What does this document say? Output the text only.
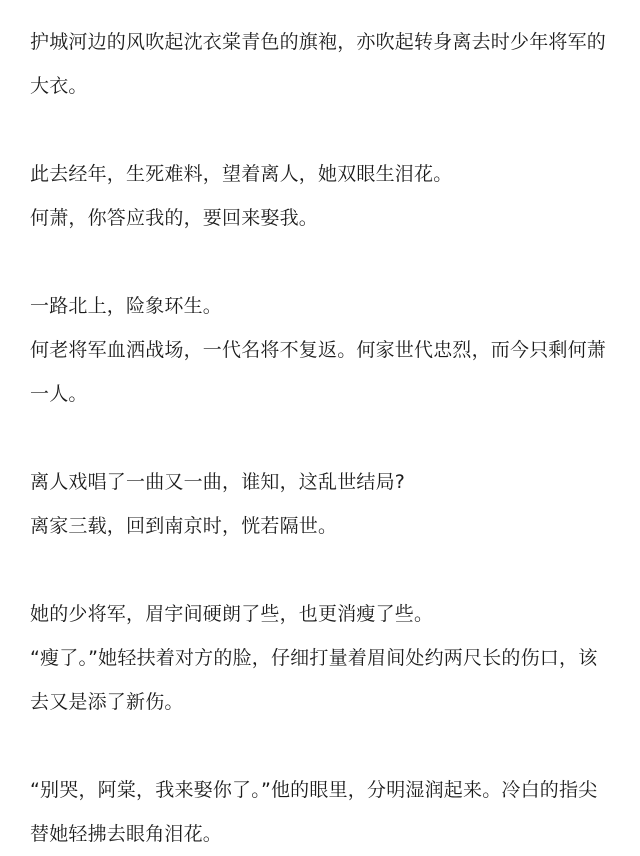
护城河边的风吹起沈衣棠青色的旗袍，亦吹起转身离去时少年将军的
大衣。
此去经年，生死难料，望着离人，她双眼生泪花。
何萧，你答应我的，要回来娶我。
一路北上，险象环生。
何老将军血洒战场，一代名将不复返。何家世代忠烈，而今只剩何萧
一人。
离人戏唱了一曲又一曲，谁知，这乱世结局?
离家三载，回到南京时，恍若隔世。
她的少将军，眉宇间硬朗了些，也更消瘦了些。
“瘦了。”她轻扶着对方的脸，仔细打量着眉间处约两尺长的伤口，该
去又是添了新伤。
“别哭，阿棠，我来娶你了。”他的眼里，分明湿润起来。冷白的指尖
替她轻拂去眼角泪花。
